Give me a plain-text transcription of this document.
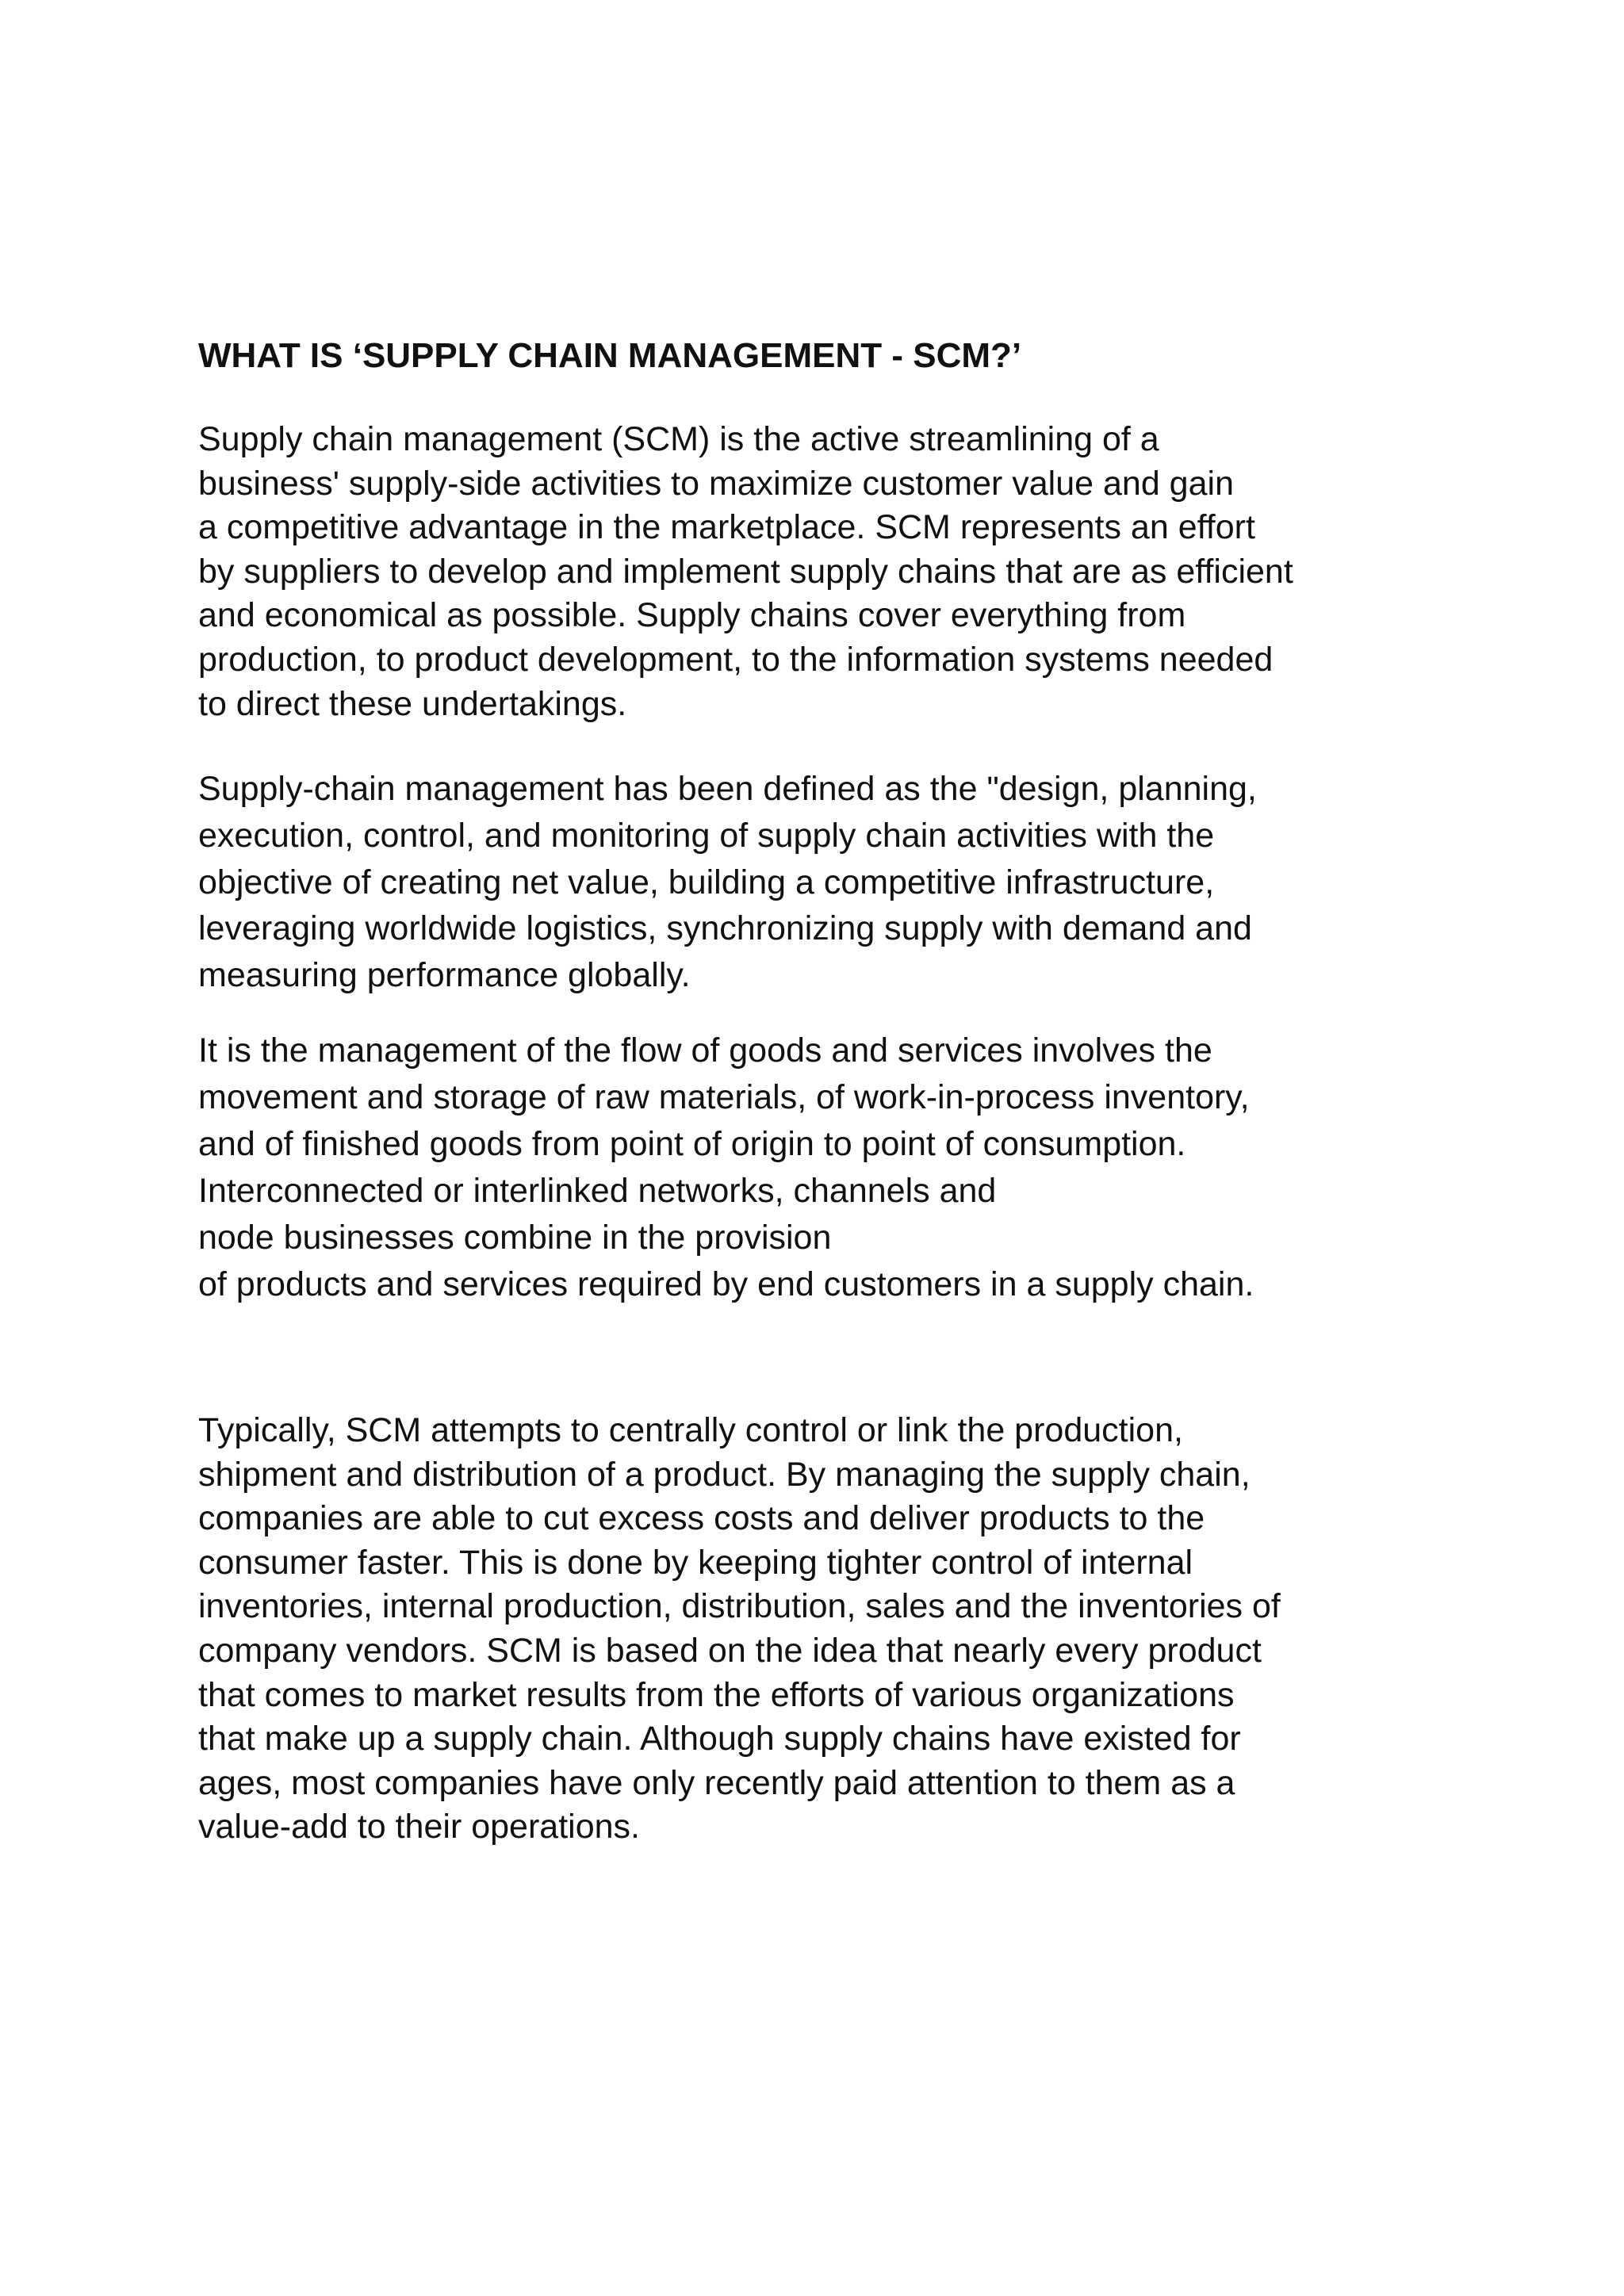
WHAT IS ‘SUPPLY CHAIN MANAGEMENT - SCM?’

Supply chain management (SCM) is the active streamlining of a
business' supply-side activities to maximize customer value and gain
a competitive advantage in the marketplace. SCM represents an effort
by suppliers to develop and implement supply chains that are as efficient
and economical as possible. Supply chains cover everything from
production, to product development, to the information systems needed
to direct these undertakings.

Supply-chain management has been defined as the "design, planning,
execution, control, and monitoring of supply chain activities with the
objective of creating net value, building a competitive infrastructure,
leveraging worldwide logistics, synchronizing supply with demand and
measuring performance globally.

It is the management of the flow of goods and services involves the
movement and storage of raw materials, of work-in-process inventory,
and of finished goods from point of origin to point of consumption.
Interconnected or interlinked networks, channels and
node businesses combine in the provision
of products and services required by end customers in a supply chain.

Typically, SCM attempts to centrally control or link the production,
shipment and distribution of a product. By managing the supply chain,
companies are able to cut excess costs and deliver products to the
consumer faster. This is done by keeping tighter control of internal
inventories, internal production, distribution, sales and the inventories of
company vendors. SCM is based on the idea that nearly every product
that comes to market results from the efforts of various organizations
that make up a supply chain. Although supply chains have existed for
ages, most companies have only recently paid attention to them as a
value-add to their operations.
